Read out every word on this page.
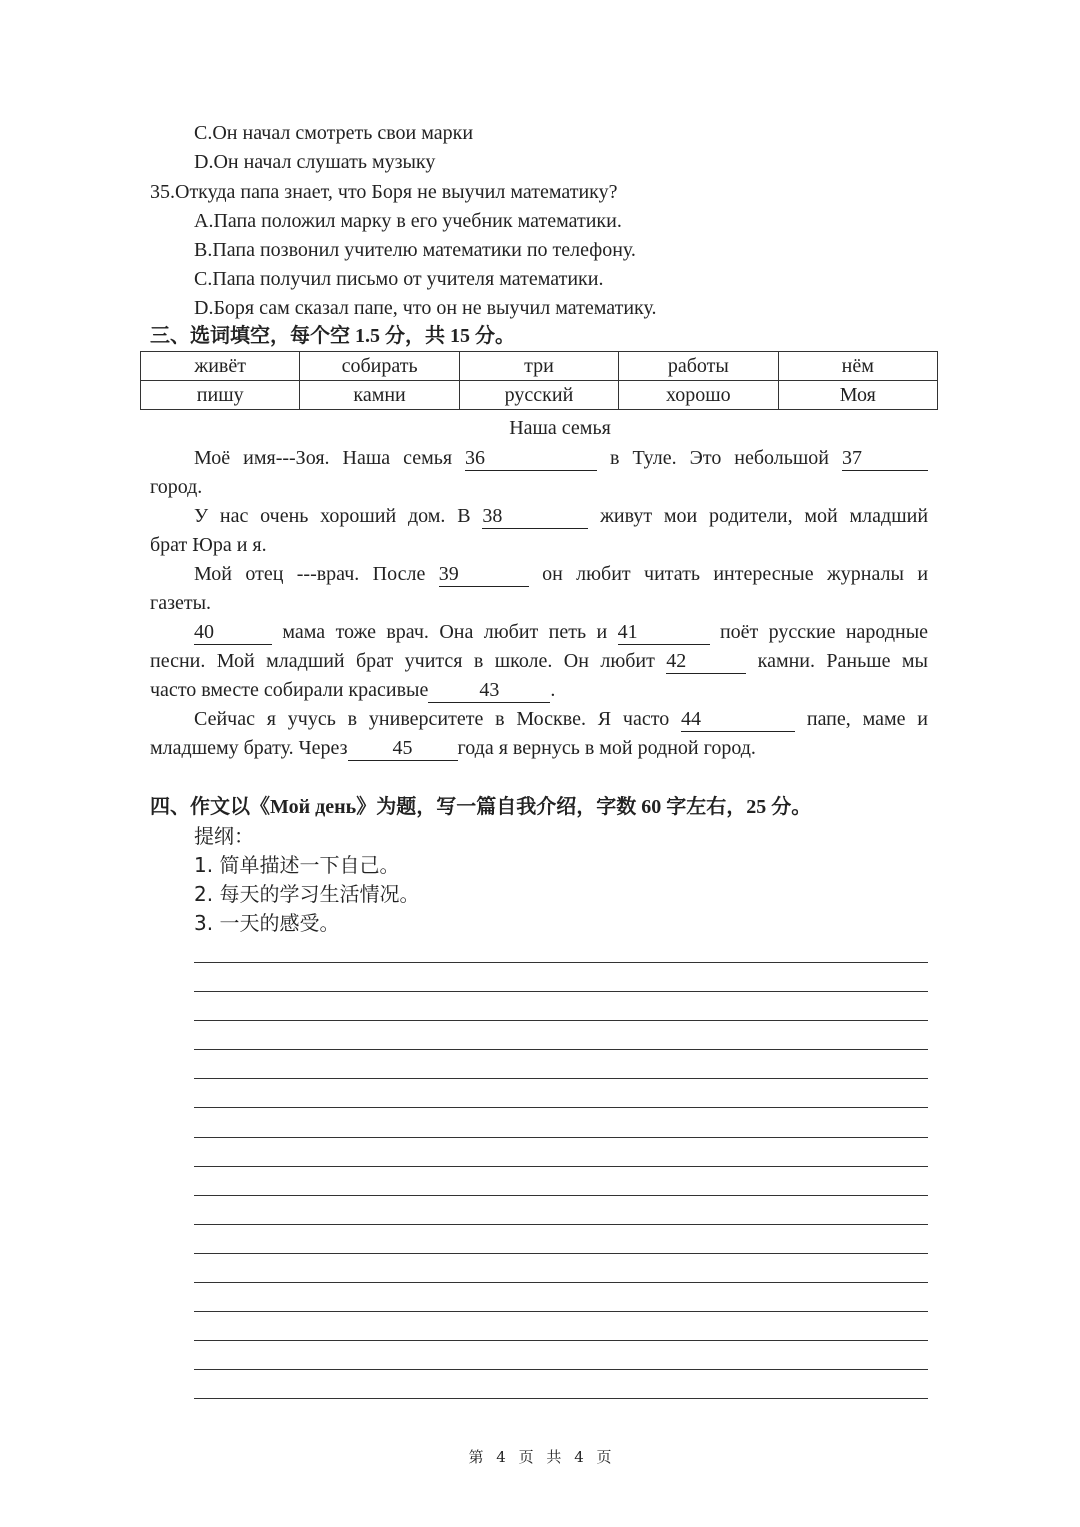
C.Он начал смотреть свои марки
D.Он начал слушать музыку
35.Откуда папа знает, что Боря не выучил математику?
A.Папа положил марку в его учебник математики.
B.Папа позвонил учителю математики по телефону.
C.Папа получил письмо от учителя математики.
D.Боря сам сказал папе, что он не выучил математику.
三、选词填空，每个空 1.5 分，共 15 分。
живёт	собирать	три	работы	нём
пишу	камни	русский	хорошо	Моя
Наша семья
Моё имя---Зоя. Наша семья 36	в Туле. Это небольшой 37
город.
У нас очень хороший дом. В 38	живут мои родители, мой младший
брат Юра и я.
Мой отец ---врач. После 39	он любит читать интересные журналы и
газеты.
40	мама тоже врач. Она любит петь и 41	поёт русские народные
песни. Мой младший брат учится в школе. Он любит 42	камни. Раньше мы
часто вместе собирали красивые	43	.
Сейчас я учусь в университете в Москве. Я часто 44	папе, маме и
младшему брату. Через 45 года я вернусь в мой родной город.
四、作文以《Мой день》为题，写一篇自我介绍，字数 60 字左右，25 分。
提纲：
1. 简单描述一下自己。
2. 每天的学习生活情况。
3. 一天的感受。
第 4 页 共 4 页
